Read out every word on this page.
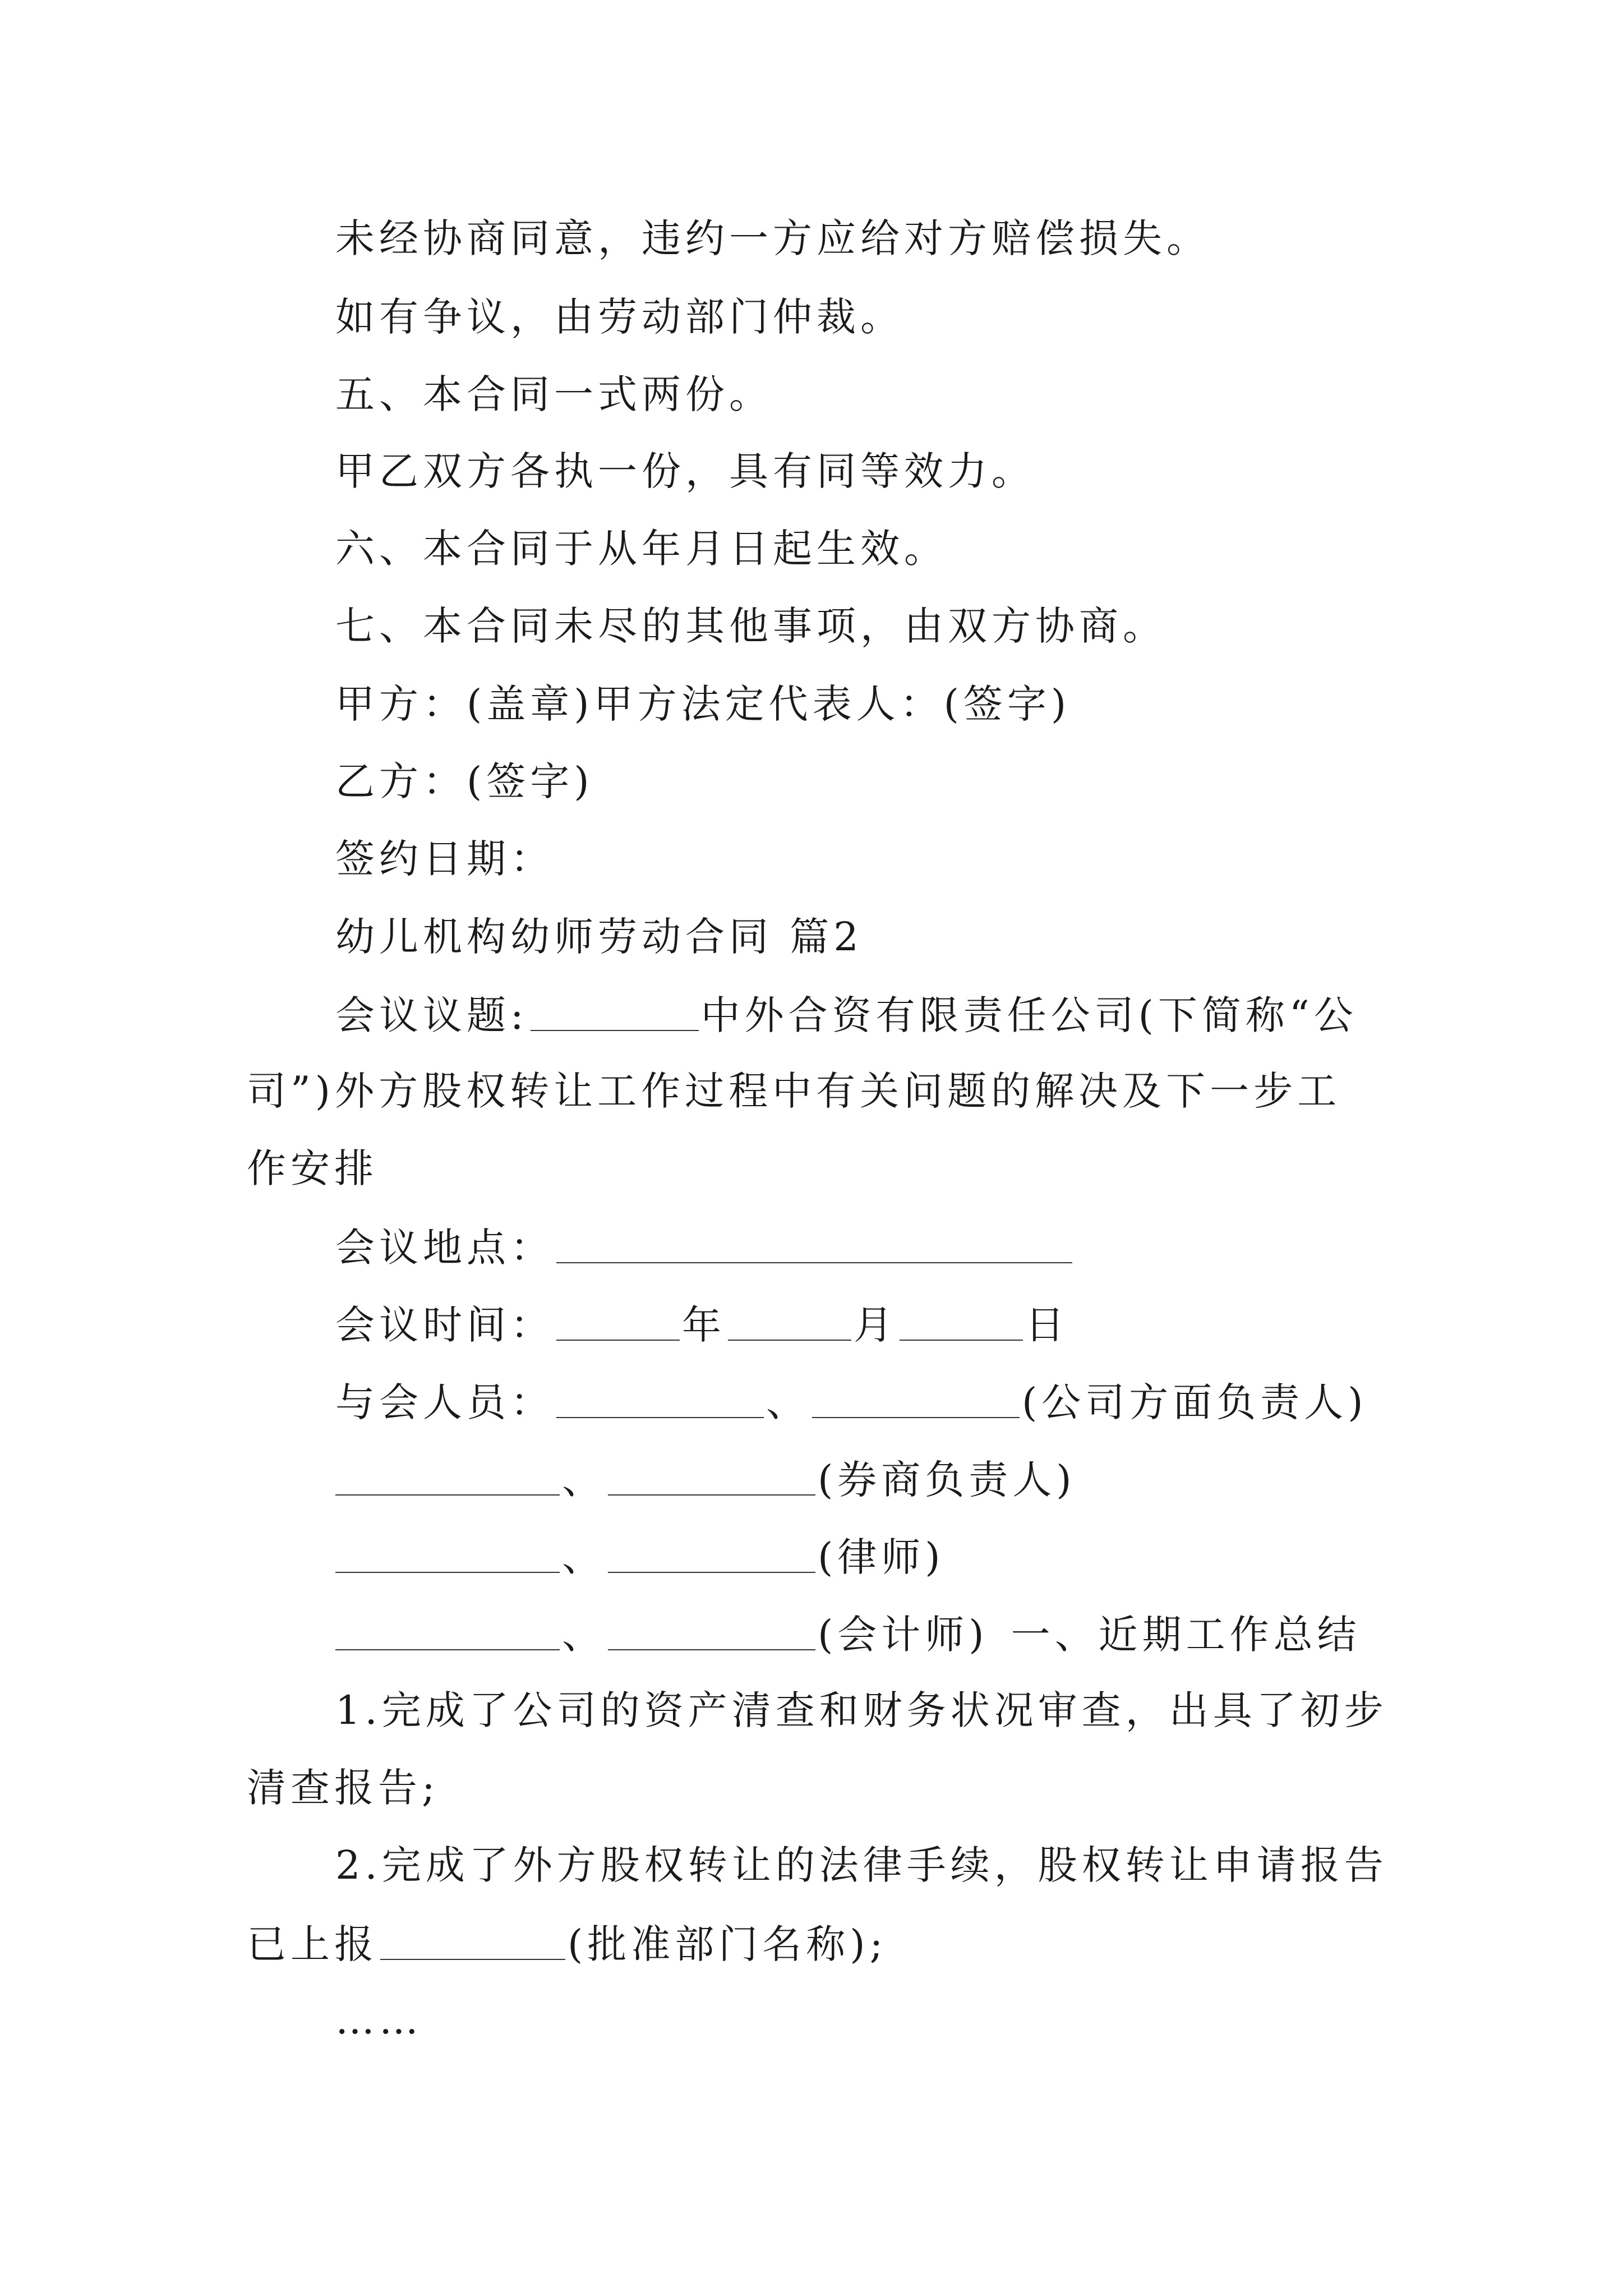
未经协商同意，违约一方应给对方赔偿损失。
如有争议，由劳动部门仲裁。
五、本合同一式两份。
甲乙双方各执一份，具有同等效力。
六、本合同于从年月日起生效。
七、本合同未尽的其他事项，由双方协商。
甲方：(盖章)甲方法定代表人：(签字)
乙方：(签字)
签约日期：
幼儿机构幼师劳动合同 篇2
会议议题:	中外合资有限责任公司(下简称“公
司”)外方股权转让工作过程中有关问题的解决及下一步工
作安排
会议地点：
会议时间：	年	月	日
与会人员：	、	(公司方面负责人)
、	(券商负责人)
、	(律师)
、	(会计师) 一、近期工作总结
1.完成了公司的资产清查和财务状况审查，出具了初步
清查报告;
2.完成了外方股权转让的法律手续，股权转让申请报告
已上报	(批准部门名称);
……
